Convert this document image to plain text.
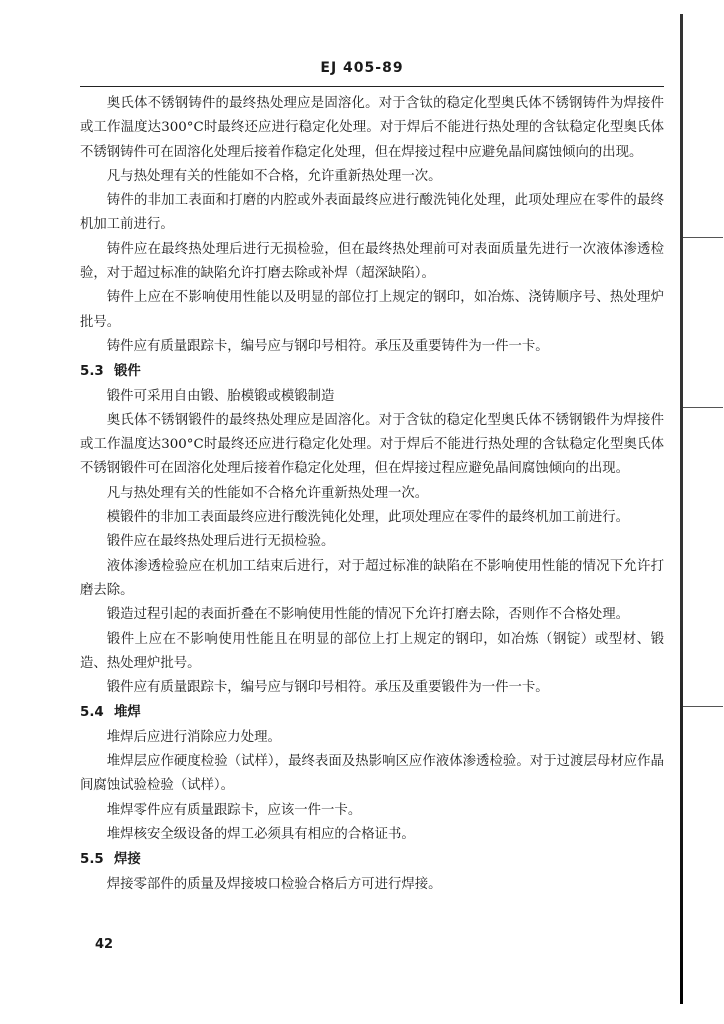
EJ 405-89

奥氏体不锈钢铸件的最终热处理应是固溶化。对于含钛的稳定化型奥氏体不锈钢铸件为焊接件或工作温度达300°C时最终还应进行稳定化处理。对于焊后不能进行热处理的含钛稳定化型奥氏体不锈钢铸件可在固溶化处理后接着作稳定化处理，但在焊接过程中应避免晶间腐蚀倾向的出现。

凡与热处理有关的性能如不合格，允许重新热处理一次。

铸件的非加工表面和打磨的内腔或外表面最终应进行酸洗钝化处理，此项处理应在零件的最终机加工前进行。

铸件应在最终热处理后进行无损检验，但在最终热处理前可对表面质量先进行一次液体渗透检验，对于超过标准的缺陷允许打磨去除或补焊（超深缺陷）。

铸件上应在不影响使用性能以及明显的部位打上规定的钢印，如冶炼、浇铸顺序号、热处理炉批号。

铸件应有质量跟踪卡，编号应与钢印号相符。承压及重要铸件为一件一卡。

5.3 锻件

锻件可采用自由锻、胎模锻或模锻制造

奥氏体不锈钢锻件的最终热处理应是固溶化。对于含钛的稳定化型奥氏体不锈钢锻件为焊接件或工作温度达300°C时最终还应进行稳定化处理。对于焊后不能进行热处理的含钛稳定化型奥氏体不锈钢锻件可在固溶化处理后接着作稳定化处理，但在焊接过程应避免晶间腐蚀倾向的出现。

凡与热处理有关的性能如不合格允许重新热处理一次。

模锻件的非加工表面最终应进行酸洗钝化处理，此项处理应在零件的最终机加工前进行。

锻件应在最终热处理后进行无损检验。

液体渗透检验应在机加工结束后进行，对于超过标准的缺陷在不影响使用性能的情况下允许打磨去除。

锻造过程引起的表面折叠在不影响使用性能的情况下允许打磨去除，否则作不合格处理。

锻件上应在不影响使用性能且在明显的部位上打上规定的钢印，如冶炼（钢锭）或型材、锻造、热处理炉批号。

锻件应有质量跟踪卡，编号应与钢印号相符。承压及重要锻件为一件一卡。

5.4 堆焊

堆焊后应进行消除应力处理。

堆焊层应作硬度检验（试样），最终表面及热影响区应作液体渗透检验。对于过渡层母材应作晶间腐蚀试验检验（试样）。

堆焊零件应有质量跟踪卡，应该一件一卡。

堆焊核安全级设备的焊工必须具有相应的合格证书。

5.5 焊接

焊接零部件的质量及焊接坡口检验合格后方可进行焊接。

42
